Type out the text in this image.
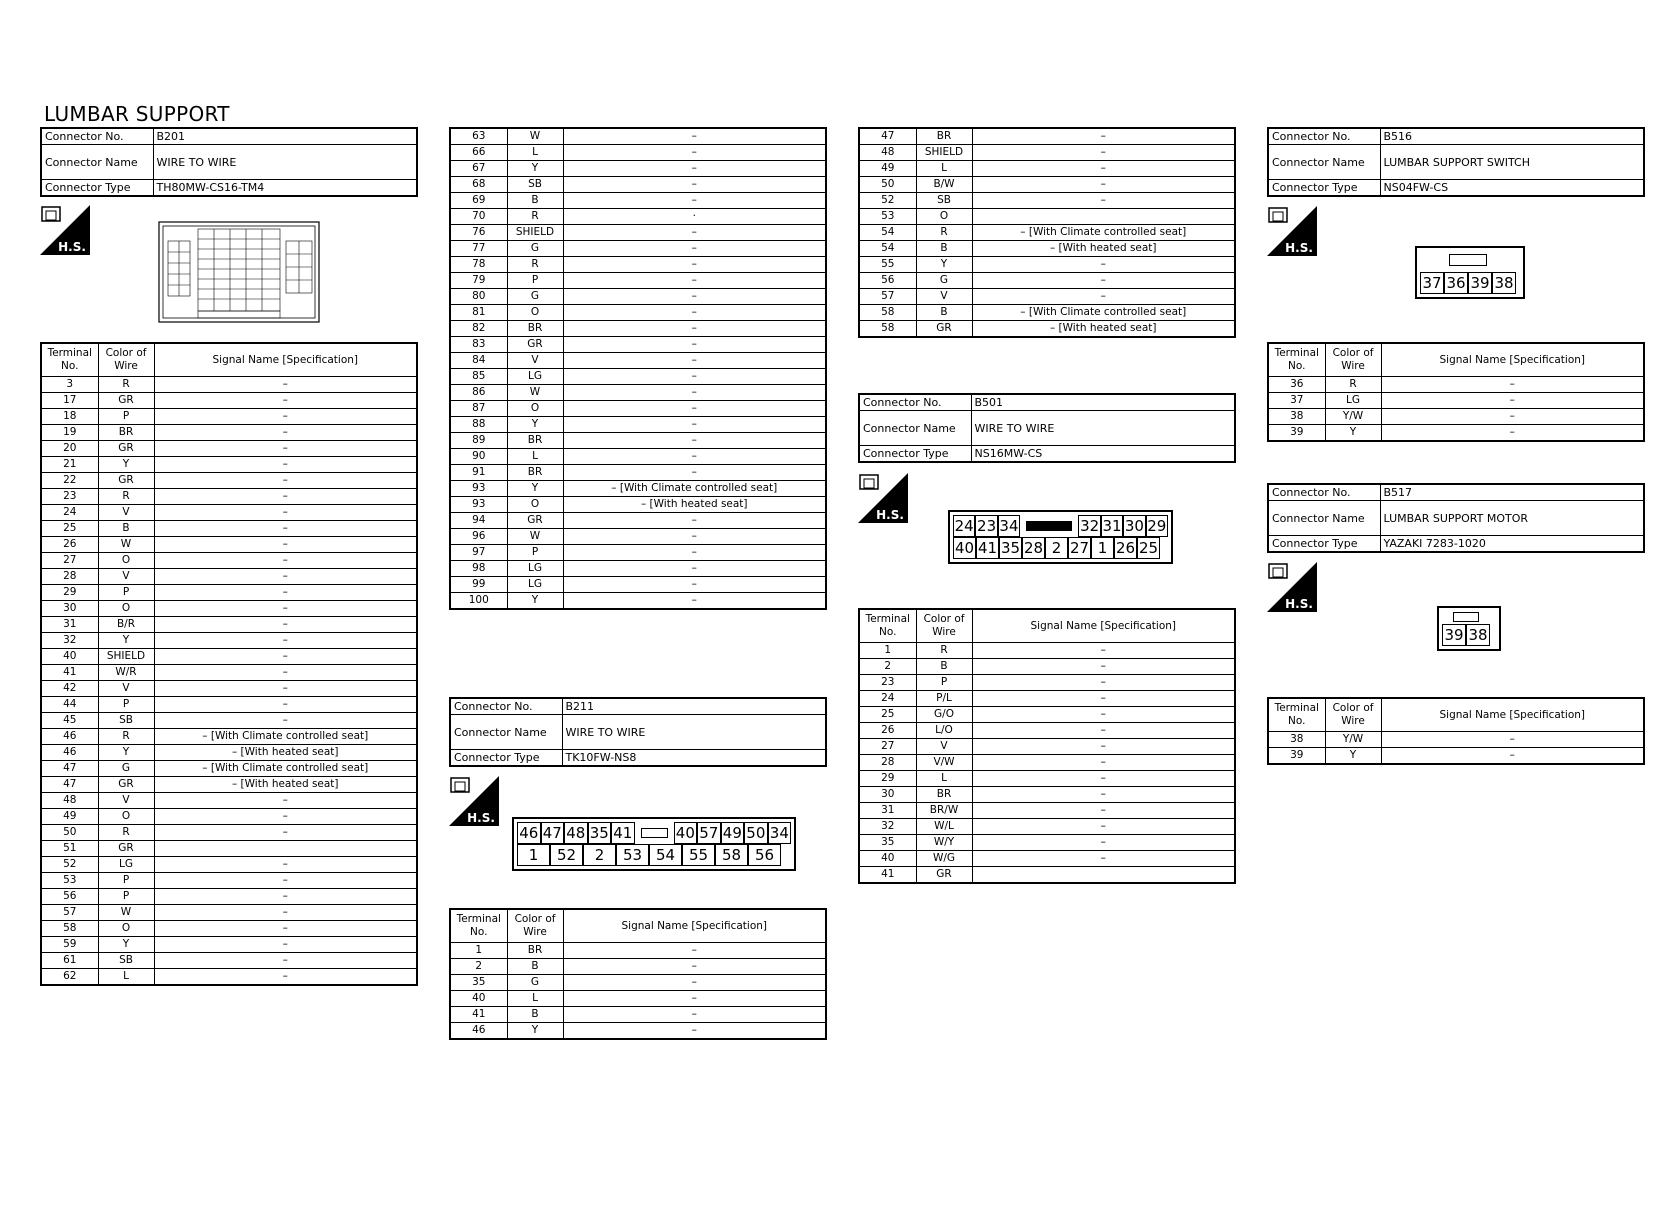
LUMBAR SUPPORT
Connector No.	B201
Connector Name	WIRE TO WIRE
Connector Type	TH80MW-CS16-TM4
H.S.
Terminal No.	Color of Wire	Signal Name [Specification]
3	R	–
17	GR	–
18	P	–
19	BR	–
20	GR	–
21	Y	–
22	GR	–
23	R	–
24	V	–
25	B	–
26	W	–
27	O	–
28	V	–
29	P	–
30	O	–
31	B/R	–
32	Y	–
40	SHIELD	–
41	W/R	–
42	V	–
44	P	–
45	SB	–
46	R	– [With Climate controlled seat]
46	Y	– [With heated seat]
47	G	– [With Climate controlled seat]
47	GR	– [With heated seat]
48	V	–
49	O	–
50	R	–
51	GR	
52	LG	–
53	P	–
56	P	–
57	W	–
58	O	–
59	Y	–
61	SB	–
62	L	–
63	W	–
66	L	–
67	Y	–
68	SB	–
69	B	–
70	R	·
76	SHIELD	–
77	G	–
78	R	–
79	P	–
80	G	–
81	O	–
82	BR	–
83	GR	–
84	V	–
85	LG	–
86	W	–
87	O	–
88	Y	–
89	BR	–
90	L	–
91	BR	–
93	Y	– [With Climate controlled seat]
93	O	– [With heated seat]
94	GR	–
96	W	–
97	P	–
98	LG	–
99	LG	–
100	Y	–
Connector No.	B211
Connector Name	WIRE TO WIRE
Connector Type	TK10FW-NS8
H.S.
46 47 48 35 41	40 57 49 50 34
1	52	2	53 54 55 58 56
Terminal No.	Color of Wire	Signal Name [Specification]
1	BR	–
2	B	–
35	G	–
40	L	–
41	B	–
46	Y	–
47	BR	–
48	SHIELD	–
49	L	–
50	B/W	–
52	SB	–
53	O	
54	R	– [With Climate controlled seat]
54	B	– [With heated seat]
55	Y	–
56	G	–
57	V	–
58	B	– [With Climate controlled seat]
58	GR	– [With heated seat]
Connector No.	B501
Connector Name	WIRE TO WIRE
Connector Type	NS16MW-CS
H.S.
24 23 34	32 31 30 29
40 41 35 28 2 27 1 26 25
Terminal No.	Color of Wire	Signal Name [Specification]
1	R	–
2	B	–
23	P	–
24	P/L	–
25	G/O	–
26	L/O	–
27	V	–
28	V/W	–
29	L	–
30	BR	–
31	BR/W	–
32	W/L	–
35	W/Y	–
40	W/G	–
41	GR	
Connector No.	B516
Connector Name	LUMBAR SUPPORT SWITCH
Connector Type	NS04FW-CS
H.S.
37 36 39 38
Terminal No.	Color of Wire	Signal Name [Specification]
36	R	–
37	LG	–
38	Y/W	–
39	Y	–
Connector No.	B517
Connector Name	LUMBAR SUPPORT MOTOR
Connector Type	YAZAKI 7283-1020
H.S.
39 38
Terminal No.	Color of Wire	Signal Name [Specification]
38	Y/W	–
39	Y	–
